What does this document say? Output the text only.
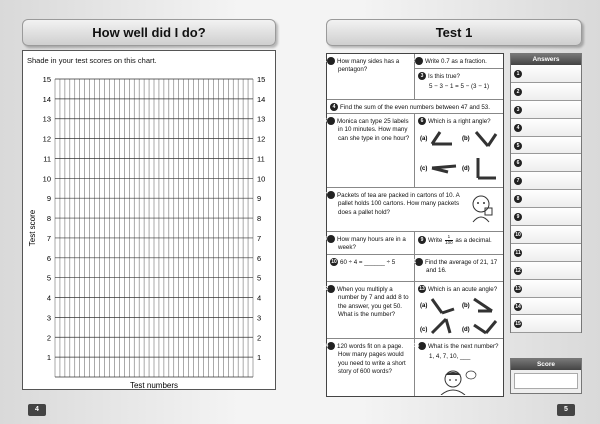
How well did I do?
Shade in your test scores on this chart.
15	15
14	14
13	13
12	12
11	11
10	10
9	9
8	8
7	7
6	6
5	5
4	4
3	3
2	2
1	1
Test score
Test numbers
4
Test 1
1 How many sides has a pentagon?
2 Write 0.7 as a fraction.
3 Is this true?
5 − 3 − 1 = 5 − (3 − 1)
4 Find the sum of the even numbers between 47 and 53.
5 Monica can type 25 labels in 10 minutes. How many can she type in one hour?
6 Which is a right angle?
(a)	(b)
(c)	(d)
7 Packets of tea are packed in cartons of 10. A pallet holds 100 cartons. How many packets does a pallet hold?
8 How many hours are in a week?
9 Write $\frac{1}{100}$ as a decimal.
10 60 ÷ 4 = ______ ÷ 5	11 Find the average of 21, 17 and 16.
12 When you multiply a number by 7 and add 8 to the answer, you get 50. What is the number?
13 Which is an acute angle?
(a)	(b)
(c)	(d)
14 120 words fit on a page. How many pages would you need to write a short story of 600 words?
15 What is the next number?
1, 4, 7, 10, ___
Answers
1
2
3
4
5
6
7
8
9
10
11
12
13
14
15
Score
5
